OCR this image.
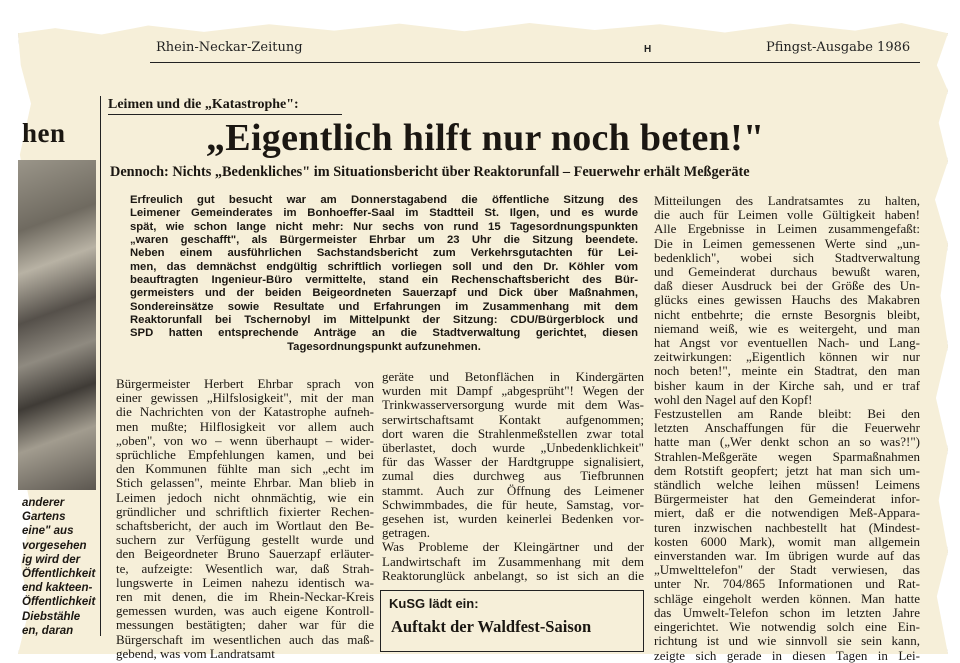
Rhein-Neckar-Zeitung	H	Pfingst-Ausgabe 1986
hen
anderer
Gartens
eine" aus
vorgesehen
ig wird der
Öffentlichkeit
end kakteen-
Öffentlichkeit
Diebstähle
en, daran
Leimen und die „Katastrophe":
„Eigentlich hilft nur noch beten!"
Dennoch: Nichts „Bedenkliches" im Situationsbericht über Reaktorunfall – Feuerwehr erhält Meßgeräte
Erfreulich gut besucht war am Donnerstagabend die öffentliche Sitzung des
Leimener Gemeinderates im Bonhoeffer-Saal im Stadtteil St. Ilgen, und es wurde
spät, wie schon lange nicht mehr: Nur sechs von rund 15 Tagesordnungspunkten
„waren geschafft", als Bürgermeister Ehrbar um 23 Uhr die Sitzung beendete.
Neben einem ausführlichen Sachstandsbericht zum Verkehrsgutachten für Lei-
men, das demnächst endgültig schriftlich vorliegen soll und den Dr. Köhler vom
beauftragten Ingenieur-Büro vermittelte, stand ein Rechenschaftsbericht des Bür-
germeisters und der beiden Beigeordneten Sauerzapf und Dick über Maßnahmen,
Sondereinsätze sowie Resultate und Erfahrungen im Zusammenhang mit dem
Reaktorunfall bei Tschernobyl im Mittelpunkt der Sitzung: CDU/Bürgerblock und
SPD hatten entsprechende Anträge an die Stadtverwaltung gerichtet, diesen
Tagesordnungspunkt aufzunehmen.
Bürgermeister Herbert Ehrbar sprach von
einer gewissen „Hilfslosigkeit", mit der man
die Nachrichten von der Katastrophe aufneh-
men mußte; Hilflosigkeit vor allem auch
„oben", von wo – wenn überhaupt – wider-
sprüchliche Empfehlungen kamen, und bei
den Kommunen fühlte man sich „echt im
Stich gelassen", meinte Ehrbar. Man blieb in
Leimen jedoch nicht ohnmächtig, wie ein
gründlicher und schriftlich fixierter Rechen-
schaftsbericht, der auch im Wortlaut den Be-
suchern zur Verfügung gestellt wurde und
den Beigeordneter Bruno Sauerzapf erläuter-
te, aufzeigte: Wesentlich war, daß Strah-
lungswerte in Leimen nahezu identisch wa-
ren mit denen, die im Rhein-Neckar-Kreis
gemessen wurden, was auch eigene Kontroll-
messungen bestätigten; daher war für die
Bürgerschaft im wesentlichen auch das maß-
gebend, was vom Landratsamt
geräte und Betonflächen in Kindergärten
wurden mit Dampf „abgesprüht"! Wegen der
Trinkwasserversorgung wurde mit dem Was-
serwirtschaftsamt Kontakt aufgenommen;
dort waren die Strahlenmeßstellen zwar total
überlastet, doch wurde „Unbedenklichkeit"
für das Wasser der Hardtgruppe signalisiert,
zumal dies durchweg aus Tiefbrunnen
stammt. Auch zur Öffnung des Leimener
Schwimmbades, die für heute, Samstag, vor-
gesehen ist, wurden keinerlei Bedenken vor-
getragen.
Was Probleme der Kleingärtner und der
Landwirtschaft im Zusammenhang mit dem
Reaktorunglück anbelangt, so ist sich an die
Mitteilungen des Landratsamtes zu halten,
die auch für Leimen volle Gültigkeit haben!
Alle Ergebnisse in Leimen zusammengefaßt:
Die in Leimen gemessenen Werte sind „un-
bedenklich", wobei sich Stadtverwaltung
und Gemeinderat durchaus bewußt waren,
daß dieser Ausdruck bei der Größe des Un-
glücks eines gewissen Hauchs des Makabren
nicht entbehrte; die ernste Besorgnis bleibt,
niemand weiß, wie es weitergeht, und man
hat Angst vor eventuellen Nach- und Lang-
zeitwirkungen: „Eigentlich können wir nur
noch beten!", meinte ein Stadtrat, den man
bisher kaum in der Kirche sah, und er traf
wohl den Nagel auf den Kopf!
Festzustellen am Rande bleibt: Bei den
letzten Anschaffungen für die Feuerwehr
hatte man („Wer denkt schon an so was?!")
Strahlen-Meßgeräte wegen Sparmaßnahmen
dem Rotstift geopfert; jetzt hat man sich um-
ständlich welche leihen müssen! Leimens
Bürgermeister hat den Gemeinderat infor-
miert, daß er die notwendigen Meß-Appara-
turen inzwischen nachbestellt hat (Mindest-
kosten 6000 Mark), womit man allgemein
einverstanden war. Im übrigen wurde auf das
„Umwelttelefon" der Stadt verwiesen, das
unter Nr. 704/865 Informationen und Rat-
schläge eingeholt werden können. Man hatte
das Umwelt-Telefon schon im letzten Jahre
eingerichtet. Wie notwendig solch eine Ein-
richtung ist und wie sinnvoll sie sein kann,
zeigte sich gerade in diesen Tagen in Lei-
KuSG lädt ein:
Auftakt der Waldfest-Saison
